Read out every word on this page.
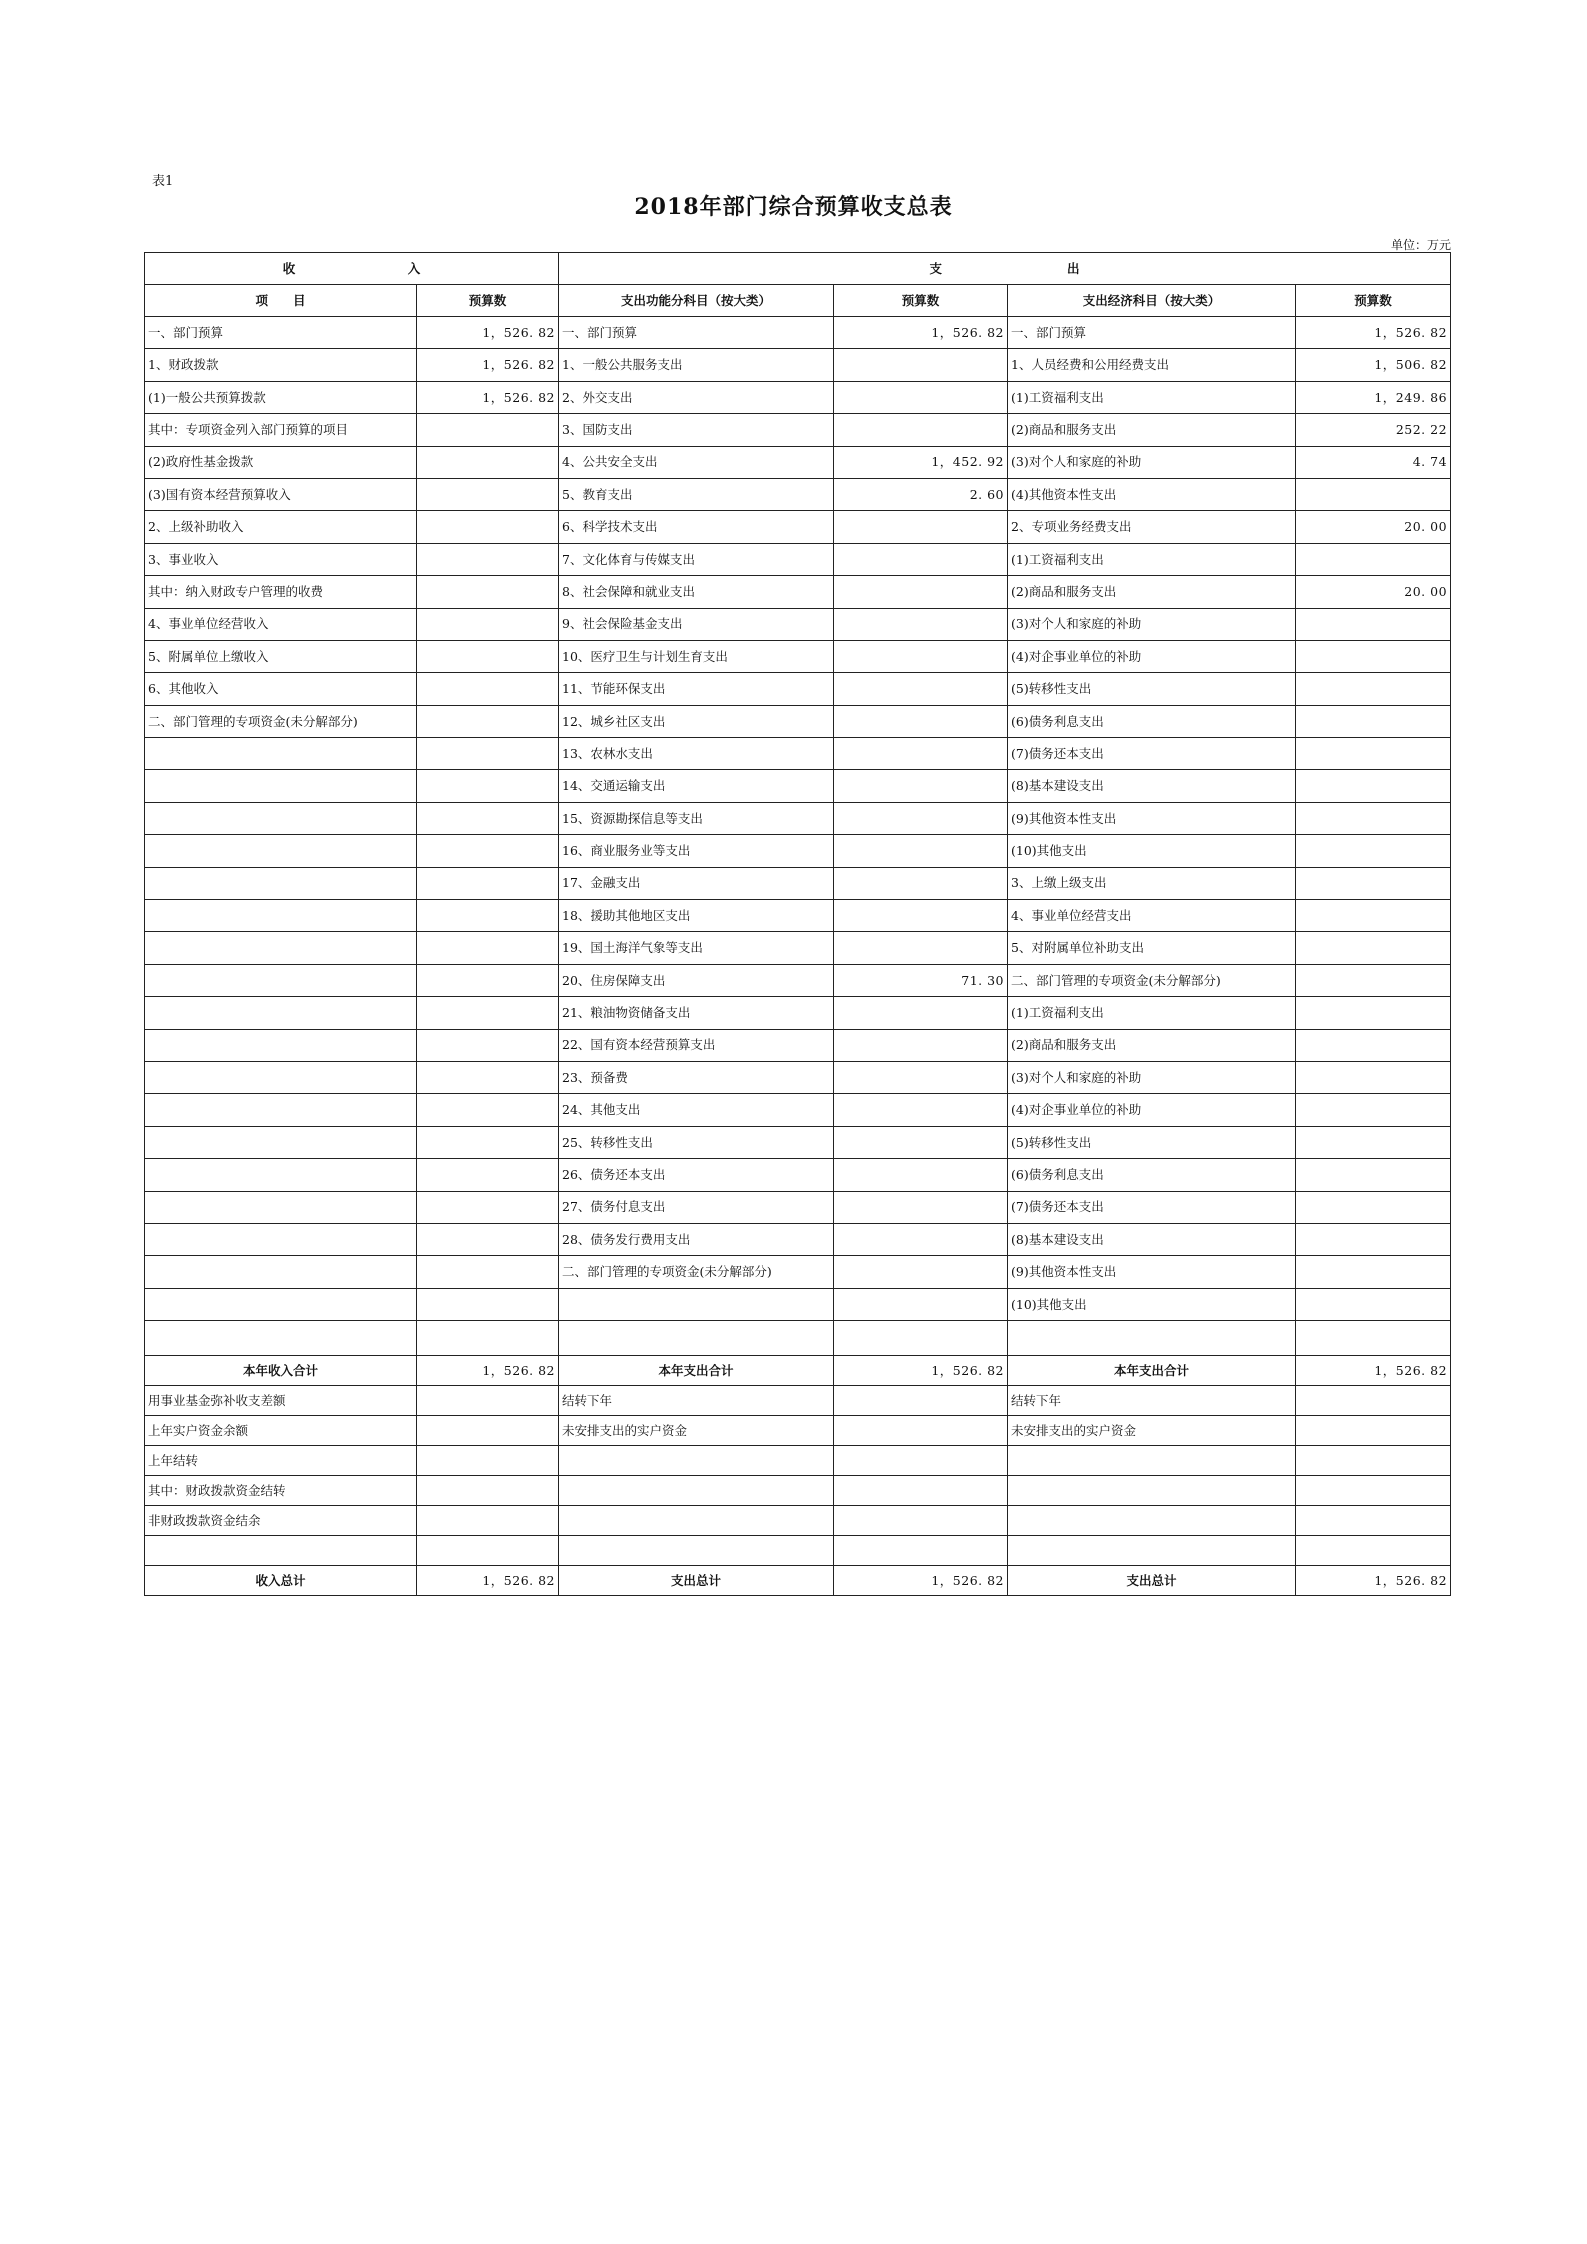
表1
2018年部门综合预算收支总表
单位：万元
收　　　　　　　　　入		支　　　　　　　　　　出			
项　　目	预算数	支出功能分科目（按大类）	预算数	支出经济科目（按大类）	预算数
一、部门预算	1，526. 82	一、部门预算	1，526. 82	一、部门预算	1，526. 82
1、财政拨款	1，526. 82	1、一般公共服务支出		1、人员经费和公用经费支出	1，506. 82
(1)一般公共预算拨款	1，526. 82	2、外交支出		(1)工资福利支出	1，249. 86
其中：专项资金列入部门预算的项目		3、国防支出		(2)商品和服务支出	252. 22
(2)政府性基金拨款		4、公共安全支出	1，452. 92	(3)对个人和家庭的补助	4. 74
(3)国有资本经营预算收入		5、教育支出	2. 60	(4)其他资本性支出	
2、上级补助收入		6、科学技术支出		2、专项业务经费支出	20. 00
3、事业收入		7、文化体育与传媒支出		(1)工资福利支出	
其中：纳入财政专户管理的收费		8、社会保障和就业支出		(2)商品和服务支出	20. 00
4、事业单位经营收入		9、社会保险基金支出		(3)对个人和家庭的补助	
5、附属单位上缴收入		10、医疗卫生与计划生育支出		(4)对企事业单位的补助	
6、其他收入		11、节能环保支出		(5)转移性支出	
二、部门管理的专项资金(未分解部分)		12、城乡社区支出		(6)债务利息支出	
		13、农林水支出		(7)债务还本支出	
		14、交通运输支出		(8)基本建设支出	
		15、资源勘探信息等支出		(9)其他资本性支出	
		16、商业服务业等支出		(10)其他支出	
		17、金融支出		3、上缴上级支出	
		18、援助其他地区支出		4、事业单位经营支出	
		19、国土海洋气象等支出		5、对附属单位补助支出	
		20、住房保障支出	71. 30	二、部门管理的专项资金(未分解部分)	
		21、粮油物资储备支出		(1)工资福利支出	
		22、国有资本经营预算支出		(2)商品和服务支出	
		23、预备费		(3)对个人和家庭的补助	
		24、其他支出		(4)对企事业单位的补助	
		25、转移性支出		(5)转移性支出	
		26、债务还本支出		(6)债务利息支出	
		27、债务付息支出		(7)债务还本支出	
		28、债务发行费用支出		(8)基本建设支出	
		二、部门管理的专项资金(未分解部分)		(9)其他资本性支出	
				(10)其他支出	

本年收入合计	1，526. 82	本年支出合计	1，526. 82	本年支出合计	1，526. 82
用事业基金弥补收支差额		结转下年		结转下年	
上年实户资金余额		未安排支出的实户资金		未安排支出的实户资金	
上年结转					
其中：财政拨款资金结转					
非财政拨款资金结余					

收入总计	1，526. 82	支出总计	1，526. 82	支出总计	1，526. 82
